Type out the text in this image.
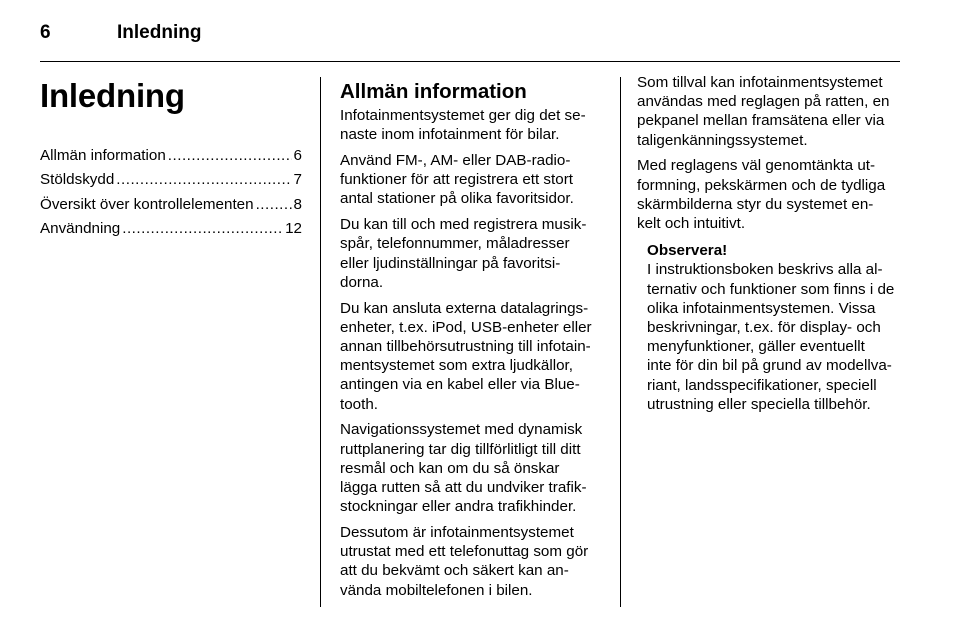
6	Inledning
Inledning
Allmän information .....	6
Stöldskydd .....	7
Översikt över kontrollelementen .....	8
Användning .....	12
Allmän information

Infotainmentsystemet ger dig det se-
naste inom infotainment för bilar.

Använd FM-, AM- eller DAB-radio-
funktioner för att registrera ett stort
antal stationer på olika favoritsidor.

Du kan till och med registrera musik-
spår, telefonnummer, måladresser
eller ljudinställningar på favoritsi-
dorna.

Du kan ansluta externa datalagrings-
enheter, t.ex. iPod, USB-enheter eller
annan tillbehörsutrustning till infotain-
mentsystemet som extra ljudkällor,
antingen via en kabel eller via Blue-
tooth.

Navigationssystemet med dynamisk
ruttplanering tar dig tillförlitligt till ditt
resmål och kan om du så önskar
lägga rutten så att du undviker trafik-
stockningar eller andra trafikhinder.

Dessutom är infotainmentsystemet
utrustat med ett telefonuttag som gör
att du bekvämt och säkert kan an-
vända mobiltelefonen i bilen.

Som tillval kan infotainmentsystemet
användas med reglagen på ratten, en
pekpanel mellan framsätena eller via
taligenkänningssystemet.

Med reglagens väl genomtänkta ut-
formning, pekskärmen och de tydliga
skärmbilderna styr du systemet en-
kelt och intuitivt.

Observera!

I instruktionsboken beskrivs alla al-
ternativ och funktioner som finns i de
olika infotainmentsystemen. Vissa
beskrivningar, t.ex. för display- och
menyfunktioner, gäller eventuellt
inte för din bil på grund av modellva-
riant, landsspecifikationer, speciell
utrustning eller speciella tillbehör.
